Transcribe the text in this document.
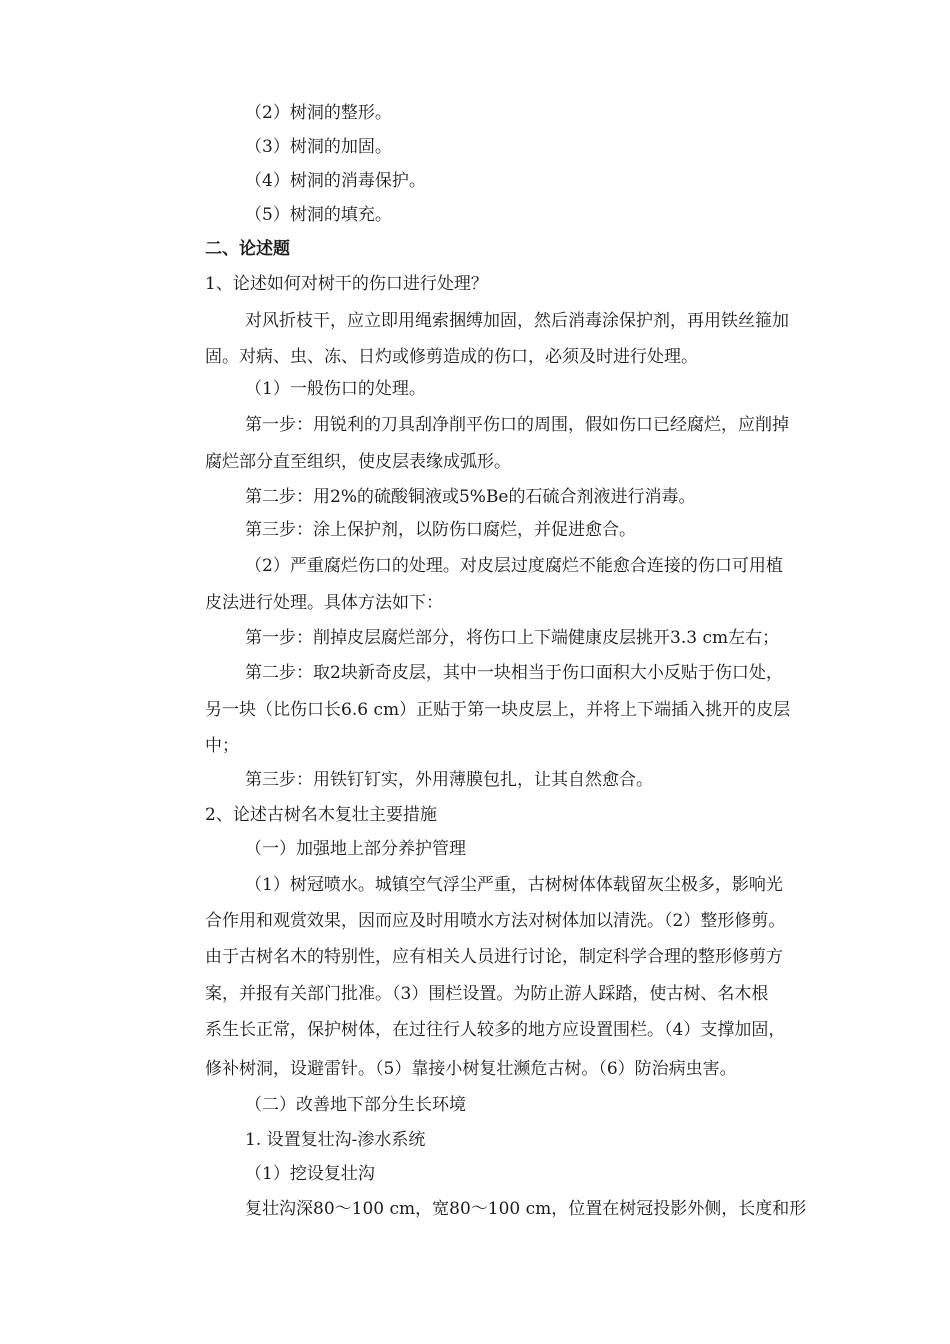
（2）树洞的整形。
（3）树洞的加固。
（4）树洞的消毒保护。
（5）树洞的填充。
二、论述题
1、论述如何对树干的伤口进行处理？
对风折枝干，应立即用绳索捆缚加固，然后消毒涂保护剂，再用铁丝箍加
固。对病、虫、冻、日灼或修剪造成的伤口，必须及时进行处理。
（1）一般伤口的处理。
第一步：用锐利的刀具刮净削平伤口的周围，假如伤口已经腐烂，应削掉
腐烂部分直至组织，使皮层表缘成弧形。
第二步：用2%的硫酸铜液或5%Be的石硫合剂液进行消毒。
第三步：涂上保护剂，以防伤口腐烂，并促进愈合。
（2）严重腐烂伤口的处理。对皮层过度腐烂不能愈合连接的伤口可用植
皮法进行处理。具体方法如下：
第一步：削掉皮层腐烂部分，将伤口上下端健康皮层挑开3.3 cm左右；
第二步：取2块新奇皮层，其中一块相当于伤口面积大小反贴于伤口处，
另一块（比伤口长6.6 cm）正贴于第一块皮层上，并将上下端插入挑开的皮层
中；
第三步：用铁钉钉实，外用薄膜包扎，让其自然愈合。
2、论述古树名木复壮主要措施
（一）加强地上部分养护管理
（1）树冠喷水。城镇空气浮尘严重，古树树体体载留灰尘极多，影响光
合作用和观赏效果，因而应及时用喷水方法对树体加以清洗。（2）整形修剪。
由于古树名木的特别性，应有相关人员进行讨论，制定科学合理的整形修剪方
案，并报有关部门批准。（3）围栏设置。为防止游人踩踏，使古树、名木根
系生长正常，保护树体，在过往行人较多的地方应设置围栏。（4）支撑加固，
修补树洞，设避雷针。（5）靠接小树复壮濒危古树。（6）防治病虫害。
（二）改善地下部分生长环境
1. 设置复壮沟-渗水系统
（1）挖设复壮沟
复壮沟深80～100 cm，宽80～100 cm，位置在树冠投影外侧，长度和形
